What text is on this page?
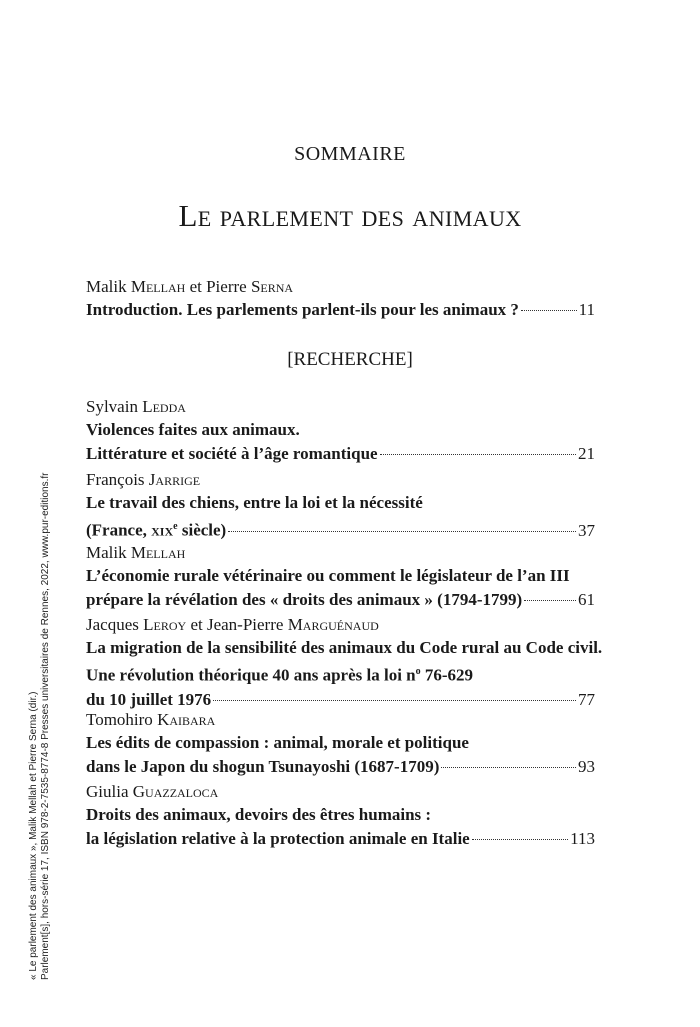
SOMMAIRE
Le parlement des animaux
Malik Mellah et Pierre Serna
Introduction. Les parlements parlent-ils pour les animaux ?	11
[RECHERCHE]
Sylvain Ledda
Violences faites aux animaux.
Littérature et société à l’âge romantique	21
François Jarrige
Le travail des chiens, entre la loi et la nécessité
(France, xix$^e$ siècle)	37
Malik Mellah
L’économie rurale vétérinaire ou comment le législateur de l’an III
prépare la révélation des « droits des animaux » (1794-1799)	61
Jacques Leroy et Jean-Pierre Marguénaud
La migration de la sensibilité des animaux du Code rural au Code civil.
Une révolution théorique 40 ans après la loi $n^o$ 76-629
du 10 juillet 1976	77
Tomohiro Kaibara
Les édits de compassion : animal, morale et politique
dans le Japon du shogun Tsunayoshi (1687-1709)	93
Giulia Guazzaloca
Droits des animaux, devoirs des êtres humains :
la législation relative à la protection animale en Italie	113
« Le parlement des animaux », Malik Mellah et Pierre Serna (dir.) Parlement[s], hors-série 17, ISBN 978-2-7535-8774-8 Presses universitaires de Rennes, 2022, www.pur-editions.fr
